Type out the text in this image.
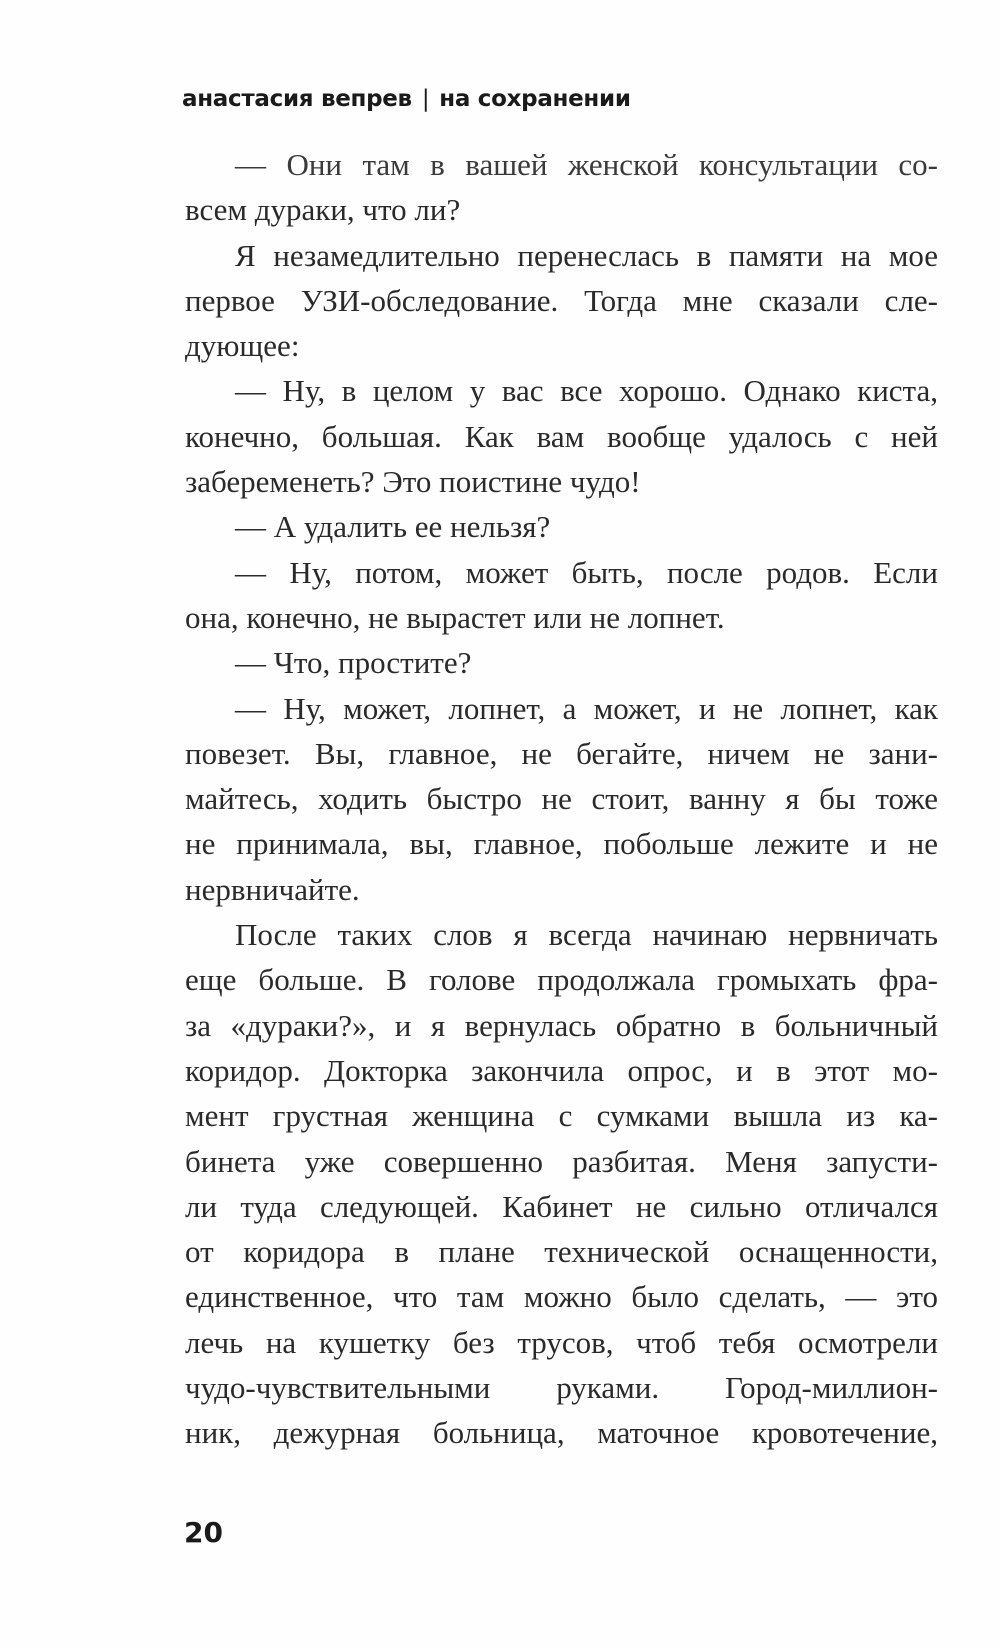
анастасия вепрев | на сохранении
— Они там в вашей женской консультации со-
всем дураки, что ли?
Я незамедлительно перенеслась в памяти на мое
первое УЗИ-обследование. Тогда мне сказали сле-
дующее:
— Ну, в целом у вас все хорошо. Однако киста,
конечно, большая. Как вам вообще удалось с ней
забеременеть? Это поистине чудо!
— А удалить ее нельзя?
— Ну, потом, может быть, после родов. Если
она, конечно, не вырастет или не лопнет.
— Что, простите?
— Ну, может, лопнет, а может, и не лопнет, как
повезет. Вы, главное, не бегайте, ничем не зани-
майтесь, ходить быстро не стоит, ванну я бы тоже
не принимала, вы, главное, побольше лежите и не
нервничайте.
После таких слов я всегда начинаю нервничать
еще больше. В голове продолжала громыхать фра-
за «дураки?», и я вернулась обратно в больничный
коридор. Докторка закончила опрос, и в этот мо-
мент грустная женщина с сумками вышла из ка-
бинета уже совершенно разбитая. Меня запусти-
ли туда следующей. Кабинет не сильно отличался
от коридора в плане технической оснащенности,
единственное, что там можно было сделать, — это
лечь на кушетку без трусов, чтоб тебя осмотрели
чудо-чувствительными руками. Город-миллион-
ник, дежурная больница, маточное кровотечение,
20
